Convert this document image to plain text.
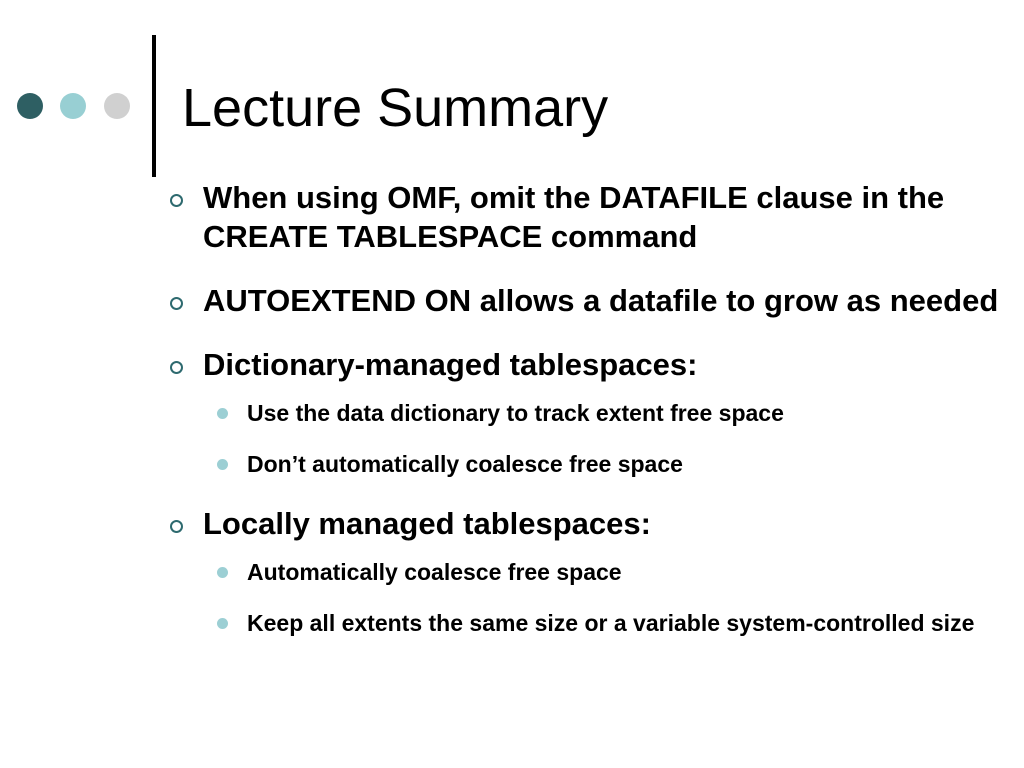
Lecture Summary
When using OMF, omit the DATAFILE clause in the CREATE TABLESPACE command
AUTOEXTEND ON allows a datafile to grow as needed
Dictionary-managed tablespaces:
Use the data dictionary to track extent free space
Don’t automatically coalesce free space
Locally managed tablespaces:
Automatically coalesce free space
Keep all extents the same size or a variable system-controlled size
